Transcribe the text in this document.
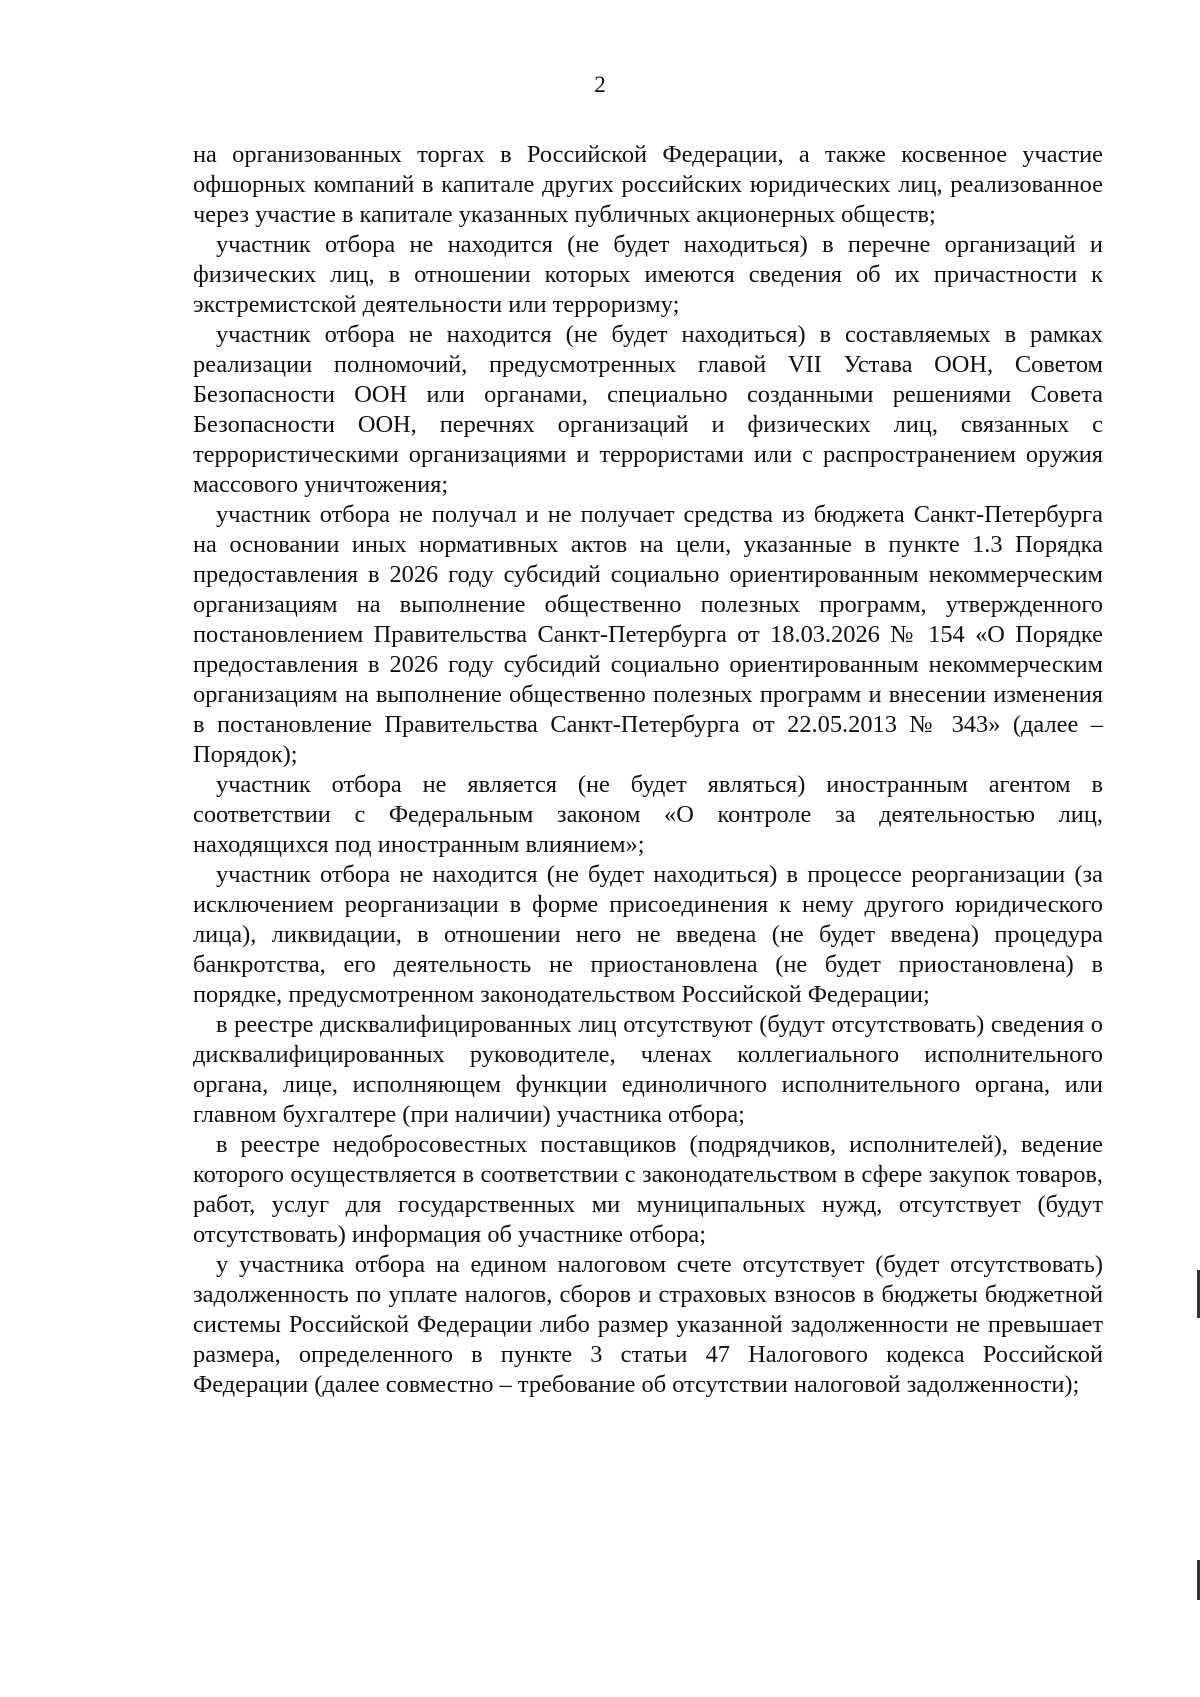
2

на организованных торгах в Российской Федерации, а также косвенное участие офшорных компаний в капитале других российских юридических лиц, реализованное через участие в капитале указанных публичных акционерных обществ;

участник отбора не находится (не будет находиться) в перечне организаций и физических лиц, в отношении которых имеются сведения об их причастности к экстремистской деятельности или терроризму;

участник отбора не находится (не будет находиться) в составляемых в рамках реализации полномочий, предусмотренных главой VII Устава ООН, Советом Безопасности ООН или органами, специально созданными решениями Совета Безопасности ООН, перечнях организаций и физических лиц, связанных с террористическими организациями и террористами или с распространением оружия массового уничтожения;

участник отбора не получал и не получает средства из бюджета Санкт-Петербурга на основании иных нормативных актов на цели, указанные в пункте 1.3 Порядка предоставления в 2026 году субсидий социально ориентированным некоммерческим организациям на выполнение общественно полезных программ, утвержденного постановлением Правительства Санкт-Петербурга от 18.03.2026 № 154 «О Порядке предоставления в 2026 году субсидий социально ориентированным некоммерческим организациям на выполнение общественно полезных программ и внесении изменения в постановление Правительства Санкт-Петербурга от 22.05.2013 № 343» (далее – Порядок);

участник отбора не является (не будет являться) иностранным агентом в соответствии с Федеральным законом «О контроле за деятельностью лиц, находящихся под иностранным влиянием»;

участник отбора не находится (не будет находиться) в процессе реорганизации (за исключением реорганизации в форме присоединения к нему другого юридического лица), ликвидации, в отношении него не введена (не будет введена) процедура банкротства, его деятельность не приостановлена (не будет приостановлена) в порядке, предусмотренном законодательством Российской Федерации;

в реестре дисквалифицированных лиц отсутствуют (будут отсутствовать) сведения о дисквалифицированных руководителе, членах коллегиального исполнительного органа, лице, исполняющем функции единоличного исполнительного органа, или главном бухгалтере (при наличии) участника отбора;

в реестре недобросовестных поставщиков (подрядчиков, исполнителей), ведение которого осуществляется в соответствии с законодательством в сфере закупок товаров, работ, услуг для государственных ми муниципальных нужд, отсутствует (будут отсутствовать) информация об участнике отбора;

у участника отбора на едином налоговом счете отсутствует (будет отсутствовать) задолженность по уплате налогов, сборов и страховых взносов в бюджеты бюджетной системы Российской Федерации либо размер указанной задолженности не превышает размера, определенного в пункте 3 статьи 47 Налогового кодекса Российской Федерации (далее совместно – требование об отсутствии налоговой задолженности);
